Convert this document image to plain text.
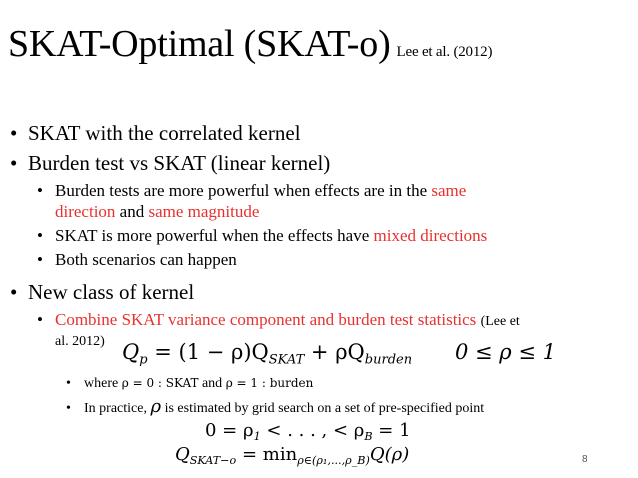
SKAT-Optimal (SKAT-o) Lee et al. (2012)
• SKAT with the correlated kernel
• Burden test vs SKAT (linear kernel)
• Burden tests are more powerful when effects are in the same
direction and same magnitude
• SKAT is more powerful when the effects have mixed directions
• Both scenarios can happen
• New class of kernel
• Combine SKAT variance component and burden test statistics (Lee et
al. 2012) $Q_p = (1 - \rho)Q_{SKAT} + \rho Q_{burden}$ 0 ≤ ρ ≤ 1
• where ρ = 0 : SKAT and ρ = 1 : burden
• In practice, ρ is estimated by grid search on a set of pre-specified point
$0 = \rho_1$ < . . . , < $\rho_B = 1$
$Q_{SKAT-o} = \min_{\rho\in(\rho_1,...,\rho\_B)}Q(\rho)$	8
